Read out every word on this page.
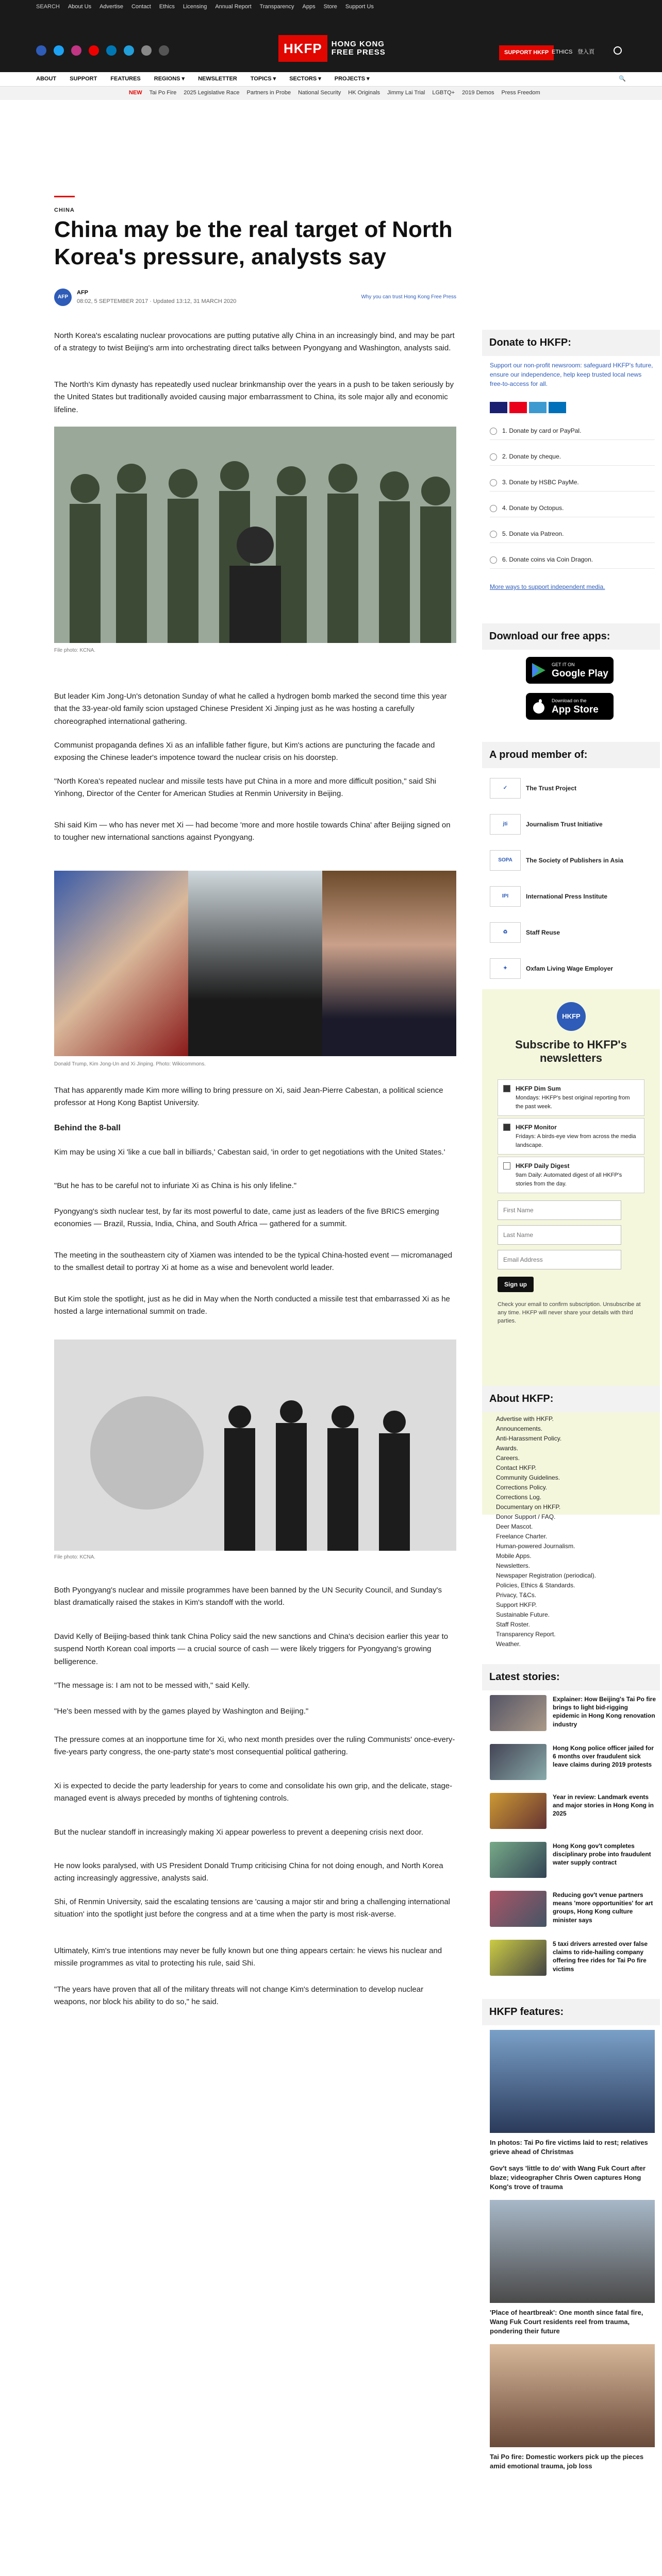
SEARCH About Us Advertise Contact Ethics Licensing Annual Report Transparency Apps Store Support Us
HKFP	HONG KONG
FREE PRESS	SUPPORT HKFP ETHICS 登入頁
ABOUT SUPPORT FEATURES REGIONS ▾ NEWSLETTER TOPICS ▾ SECTORS ▾ PROJECTS ▾	🔍
NEW Tai Po Fire 2025 Legislative Race Partners in Probe National Security HK Originals Jimmy Lai Trial LGBTQ+ 2019 Demos Press Freedom
CHINA
China may be the real target of North Korea's pressure, analysts say
AFP
AFP
08:02, 5 SEPTEMBER 2017 · Updated 13:12, 31 MARCH 2020
Why you can trust Hong Kong Free Press

North Korea's escalating nuclear provocations are putting putative ally China in an increasingly bind, and may be part of a strategy to twist Beijing's arm into orchestrating direct talks between Pyongyang and Washington, analysts said.

The North's Kim dynasty has repeatedly used nuclear brinkmanship over the years in a push to be taken seriously by the United States but traditionally avoided causing major embarrassment to China, its sole major ally and economic lifeline.

File photo: KCNA.

But leader Kim Jong-Un's detonation Sunday of what he called a hydrogen bomb marked the second time this year that the 33-year-old family scion upstaged Chinese President Xi Jinping just as he was hosting a carefully choreographed international gathering.

Communist propaganda defines Xi as an infallible father figure, but Kim's actions are puncturing the facade and exposing the Chinese leader's impotence toward the nuclear crisis on his doorstep.

"North Korea's repeated nuclear and missile tests have put China in a more and more difficult position," said Shi Yinhong, Director of the Center for American Studies at Renmin University in Beijing.

Shi said Kim — who has never met Xi — had become 'more and more hostile towards China' after Beijing signed on to tougher new international sanctions against Pyongyang.

Donald Trump, Kim Jong-Un and Xi Jinping. Photo: Wikicommons.

That has apparently made Kim more willing to bring pressure on Xi, said Jean-Pierre Cabestan, a political science professor at Hong Kong Baptist University.

Behind the 8-ball

Kim may be using Xi 'like a cue ball in billiards,' Cabestan said, 'in order to get negotiations with the United States.'

"But he has to be careful not to infuriate Xi as China is his only lifeline."

Pyongyang's sixth nuclear test, by far its most powerful to date, came just as leaders of the five BRICS emerging economies — Brazil, Russia, India, China, and South Africa — gathered for a summit.

The meeting in the southeastern city of Xiamen was intended to be the typical China-hosted event — micromanaged to the smallest detail to portray Xi at home as a wise and benevolent world leader.

But Kim stole the spotlight, just as he did in May when the North conducted a missile test that embarrassed Xi as he hosted a large international summit on trade.

File photo: KCNA.

Both Pyongyang's nuclear and missile programmes have been banned by the UN Security Council, and Sunday's blast dramatically raised the stakes in Kim's standoff with the world.

David Kelly of Beijing-based think tank China Policy said the new sanctions and China's decision earlier this year to suspend North Korean coal imports — a crucial source of cash — were likely triggers for Pyongyang's growing belligerence.

"The message is: I am not to be messed with," said Kelly.

"He's been messed with by the games played by Washington and Beijing."

The pressure comes at an inopportune time for Xi, who next month presides over the ruling Communists' once-every-five-years party congress, the one-party state's most consequential political gathering.

Xi is expected to decide the party leadership for years to come and consolidate his own grip, and the delicate, stage-managed event is always preceded by months of tightening controls.

But the nuclear standoff in increasingly making Xi appear powerless to prevent a deepening crisis next door.

He now looks paralysed, with US President Donald Trump criticising China for not doing enough, and North Korea acting increasingly aggressive, analysts said.

Shi, of Renmin University, said the escalating tensions are 'causing a major stir and bring a challenging international situation' into the spotlight just before the congress and at a time when the party is most risk-averse.

Ultimately, Kim's true intentions may never be fully known but one thing appears certain: he views his nuclear and missile programmes as vital to protecting his rule, said Shi.

"The years have proven that all of the military threats will not change Kim's determination to develop nuclear weapons, nor block his ability to do so," he said.

Donate to HKFP:

Support our non-profit newsroom: safeguard HKFP's future, ensure our independence, help keep trusted local news free-to-access for all.

1. Donate by card or PayPal.
2. Donate by cheque.
3. Donate by HSBC PayMe.
4. Donate by Octopus.
5. Donate via Patreon.
6. Donate coins via Coin Dragon.
More ways to support independent media.
Download our free apps:
GET IT ON
Google Play
Download on the
App Store
A proud member of:
✓	The Trust Project
jti	Journalism Trust Initiative
SOPA	The Society of Publishers in Asia
IPI	International Press Institute
♻	Staff Reuse
✦	Oxfam Living Wage Employer
HKFP
Subscribe to HKFP's newsletters
HKFP Dim Sum
Mondays: HKFP's best original reporting from the past week.
HKFP Monitor
Fridays: A birds-eye view from across the media landscape.
HKFP Daily Digest
9am Daily: Automated digest of all HKFP's stories from the day.
First Name
Last Name
Email Address
Sign up

Check your email to confirm subscription. Unsubscribe at any time. HKFP will never share your details with third parties.

About HKFP:
Advertise with HKFP.
Announcements.
Anti-Harassment Policy.
Awards.
Careers.
Contact HKFP.
Community Guidelines.
Corrections Policy.
Corrections Log.
Documentary on HKFP.
Donor Support / FAQ.
Deer Mascot.
Freelance Charter.
Human-powered Journalism.
Mobile Apps.
Newsletters.
Newspaper Registration (periodical).
Policies, Ethics & Standards.
Privacy, T&Cs.
Support HKFP.
Sustainable Future.
Staff Roster.
Transparency Report.
Weather.
Latest stories:
Explainer: How Beijing's Tai Po fire brings to light bid-rigging epidemic in Hong Kong renovation industry
Hong Kong police officer jailed for 6 months over fraudulent sick leave claims during 2019 protests
Year in review: Landmark events and major stories in Hong Kong in 2025
Hong Kong gov't completes disciplinary probe into fraudulent water supply contract
Reducing gov't venue partners means 'more opportunities' for art groups, Hong Kong culture minister says
5 taxi drivers arrested over false claims to ride-hailing company offering free rides for Tai Po fire victims
HKFP features:
In photos: Tai Po fire victims laid to rest; relatives grieve ahead of Christmas
Gov't says 'little to do' with Wang Fuk Court after blaze; videographer Chris Owen captures Hong Kong's trove of trauma
'Place of heartbreak': One month since fatal fire, Wang Fuk Court residents reel from trauma, pondering their future
Tai Po fire: Domestic workers pick up the pieces amid emotional trauma, job loss
